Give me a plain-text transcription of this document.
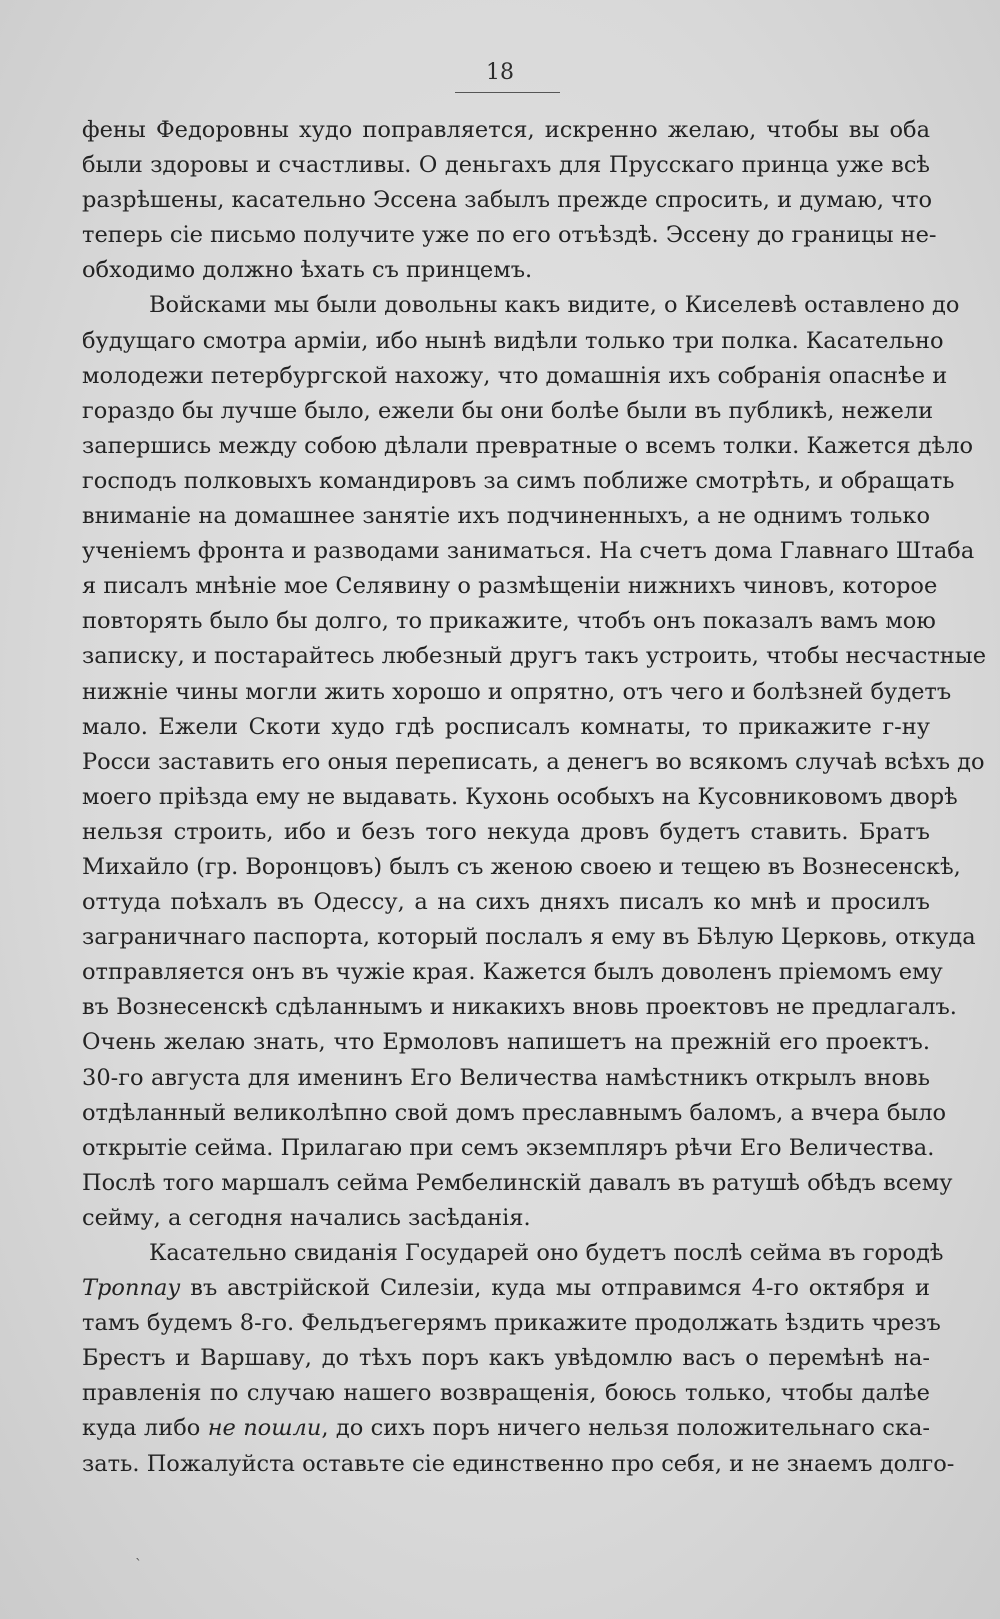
18
фены Федоровны худо поправляется, искренно желаю, чтобы вы оба
были здоровы и счастливы. О деньгахъ для Прусскаго принца уже всѣ
разрѣшены, касательно Эссена забылъ прежде спросить, и думаю, что
теперь сiе письмо получите уже по его отъѣздѣ. Эссену до границы не-
обходимо должно ѣхать съ принцемъ.
Войсками мы были довольны какъ видите, о Киселевѣ оставлено до
будущаго смотра армiи, ибо нынѣ видѣли только три полка. Касательно
молодежи петербургской нахожу, что домашнiя ихъ собранiя опаснѣе и
гораздо бы лучше было, ежели бы они болѣе были въ публикѣ, нежели
запершись между собою дѣлали превратные о всемъ толки. Кажется дѣло
господъ полковыхъ командировъ за симъ поближе смотрѣть, и обращать
вниманiе на домашнее занятiе ихъ подчиненныхъ, а не однимъ только
ученiемъ фронта и разводами заниматься. На счетъ дома Главнаго Штаба
я писалъ мнѣнiе мое Селявину о размѣщенiи нижнихъ чиновъ, которое
повторять было бы долго, то прикажите, чтобъ онъ показалъ вамъ мою
записку, и постарайтесь любезный другъ такъ устроить, чтобы несчастные
нижнiе чины могли жить хорошо и опрятно, отъ чего и болѣзней будетъ
мало. Ежели Скоти худо гдѣ росписалъ комнаты, то прикажите г-ну
Росси заставить его оныя переписать, а денегъ во всякомъ случаѣ всѣхъ до
моего прiѣзда ему не выдавать. Кухонь особыхъ на Кусовниковомъ дворѣ
нельзя строить, ибо и безъ того некуда дровъ будетъ ставить. Братъ
Михайло (гр. Воронцовъ) былъ съ женою своею и тещею въ Вознесенскѣ,
оттуда поѣхалъ въ Одессу, а на сихъ дняхъ писалъ ко мнѣ и просилъ
заграничнаго паспорта, который послалъ я ему въ Бѣлую Церковь, откуда
отправляется онъ въ чужiе края. Кажется былъ доволенъ прiемомъ ему
въ Вознесенскѣ сдѣланнымъ и никакихъ вновь проектовъ не предлагалъ.
Очень желаю знать, что Ермоловъ напишетъ на прежнiй его проектъ.
30-го августа для именинъ Его Величества намѣстникъ открылъ вновь
отдѣланный великолѣпно свой домъ преславнымъ баломъ, а вчера было
открытiе сейма. Прилагаю при семъ экземпляръ рѣчи Его Величества.
Послѣ того маршалъ сейма Рембелинскiй давалъ въ ратушѣ обѣдъ всему
сейму, а сегодня начались засѣданiя.
Касательно свиданiя Государей оно будетъ послѣ сейма въ городѣ
Троппау въ австрiйской Силезiи, куда мы отправимся 4-го октября и
тамъ будемъ 8-го. Фельдъегерямъ прикажите продолжать ѣздить чрезъ
Брестъ и Варшаву, до тѣхъ поръ какъ увѣдомлю васъ о перемѣнѣ на-
правленiя по случаю нашего возвращенiя, боюсь только, чтобы далѣе
куда либо не пошли, до сихъ поръ ничего нельзя положительнаго ска-
зать. Пожалуйста оставьте сiе единственно про себя, и не знаемъ долго-
ˎ
